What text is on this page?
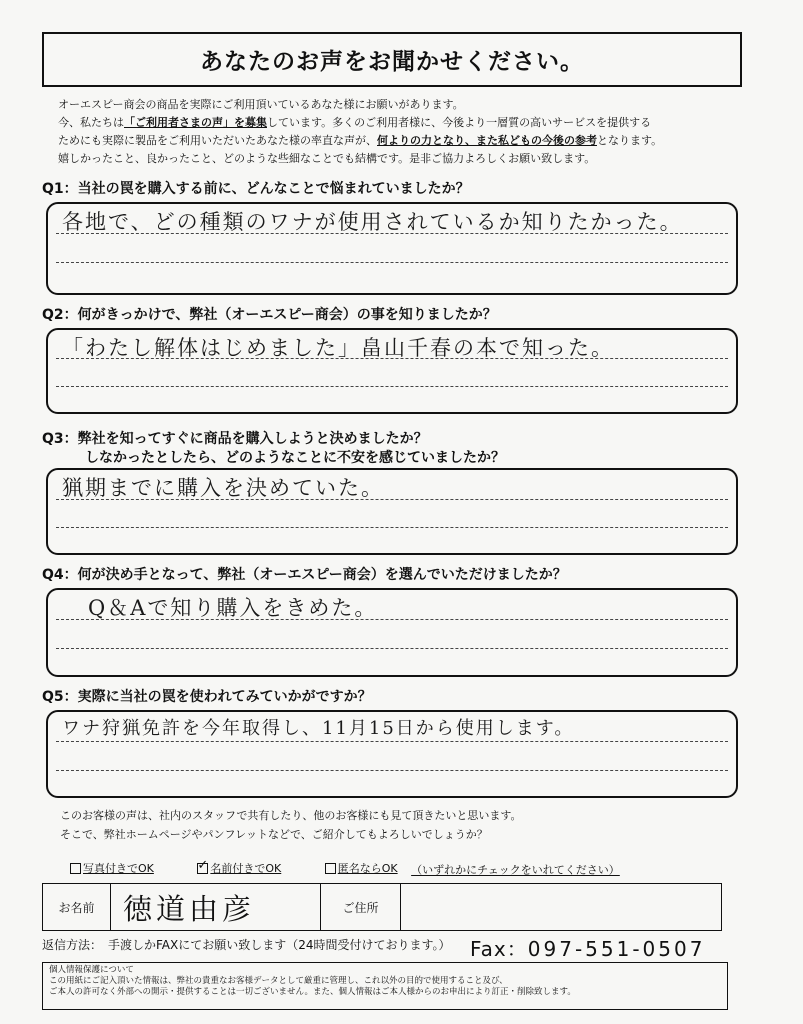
あなたのお声をお聞かせください。
オーエスピー商会の商品を実際にご利用頂いているあなた様にお願いがあります。
今、私たちは「ご利用者さまの声」を募集しています。多くのご利用者様に、今後より一層質の高いサービスを提供する
ためにも実際に製品をご利用いただいたあなた様の率直な声が、何よりの力となり、また私どもの今後の参考となります。
嬉しかったこと、良かったこと、どのような些細なことでも結構です。是非ご協力よろしくお願い致します。
Q1：当社の罠を購入する前に、どんなことで悩まれていましたか？
各地で、どの種類のワナが使用されているか知りたかった。
Q2：何がきっかけで、弊社（オーエスピー商会）の事を知りましたか？
「わたし解体はじめました」畠山千春の本で知った。
Q3：弊社を知ってすぐに商品を購入しようと決めましたか？
しなかったとしたら、どのようなことに不安を感じていましたか？
猟期までに購入を決めていた。
Q4：何が決め手となって、弊社（オーエスピー商会）を選んでいただけましたか？
Q＆Aで知り購入をきめた。
Q5：実際に当社の罠を使われてみていかがですか？
ワナ狩猟免許を今年取得し、11月15日から使用します。
このお客様の声は、社内のスタッフで共有したり、他のお客様にも見て頂きたいと思います。
そこで、弊社ホームページやパンフレットなどで、ご紹介してもよろしいでしょうか？
写真付きでOK

✓	名前付きでOK
	匿名ならOK （いずれかにチェックをいれてください）
お名前 徳道由彦	ご住所
返信方法：　手渡しかFAXにてお願い致します（24時間受付けております。） Fax：097-551-0507
個人情報保護について
この用紙にご記入頂いた情報は、弊社の貴重なお客様データとして厳重に管理し、これ以外の目的で使用すること及び、
ご本人の許可なく外部への開示・提供することは一切ございません。また、個人情報はご本人様からのお申出により訂正・削除致します。
